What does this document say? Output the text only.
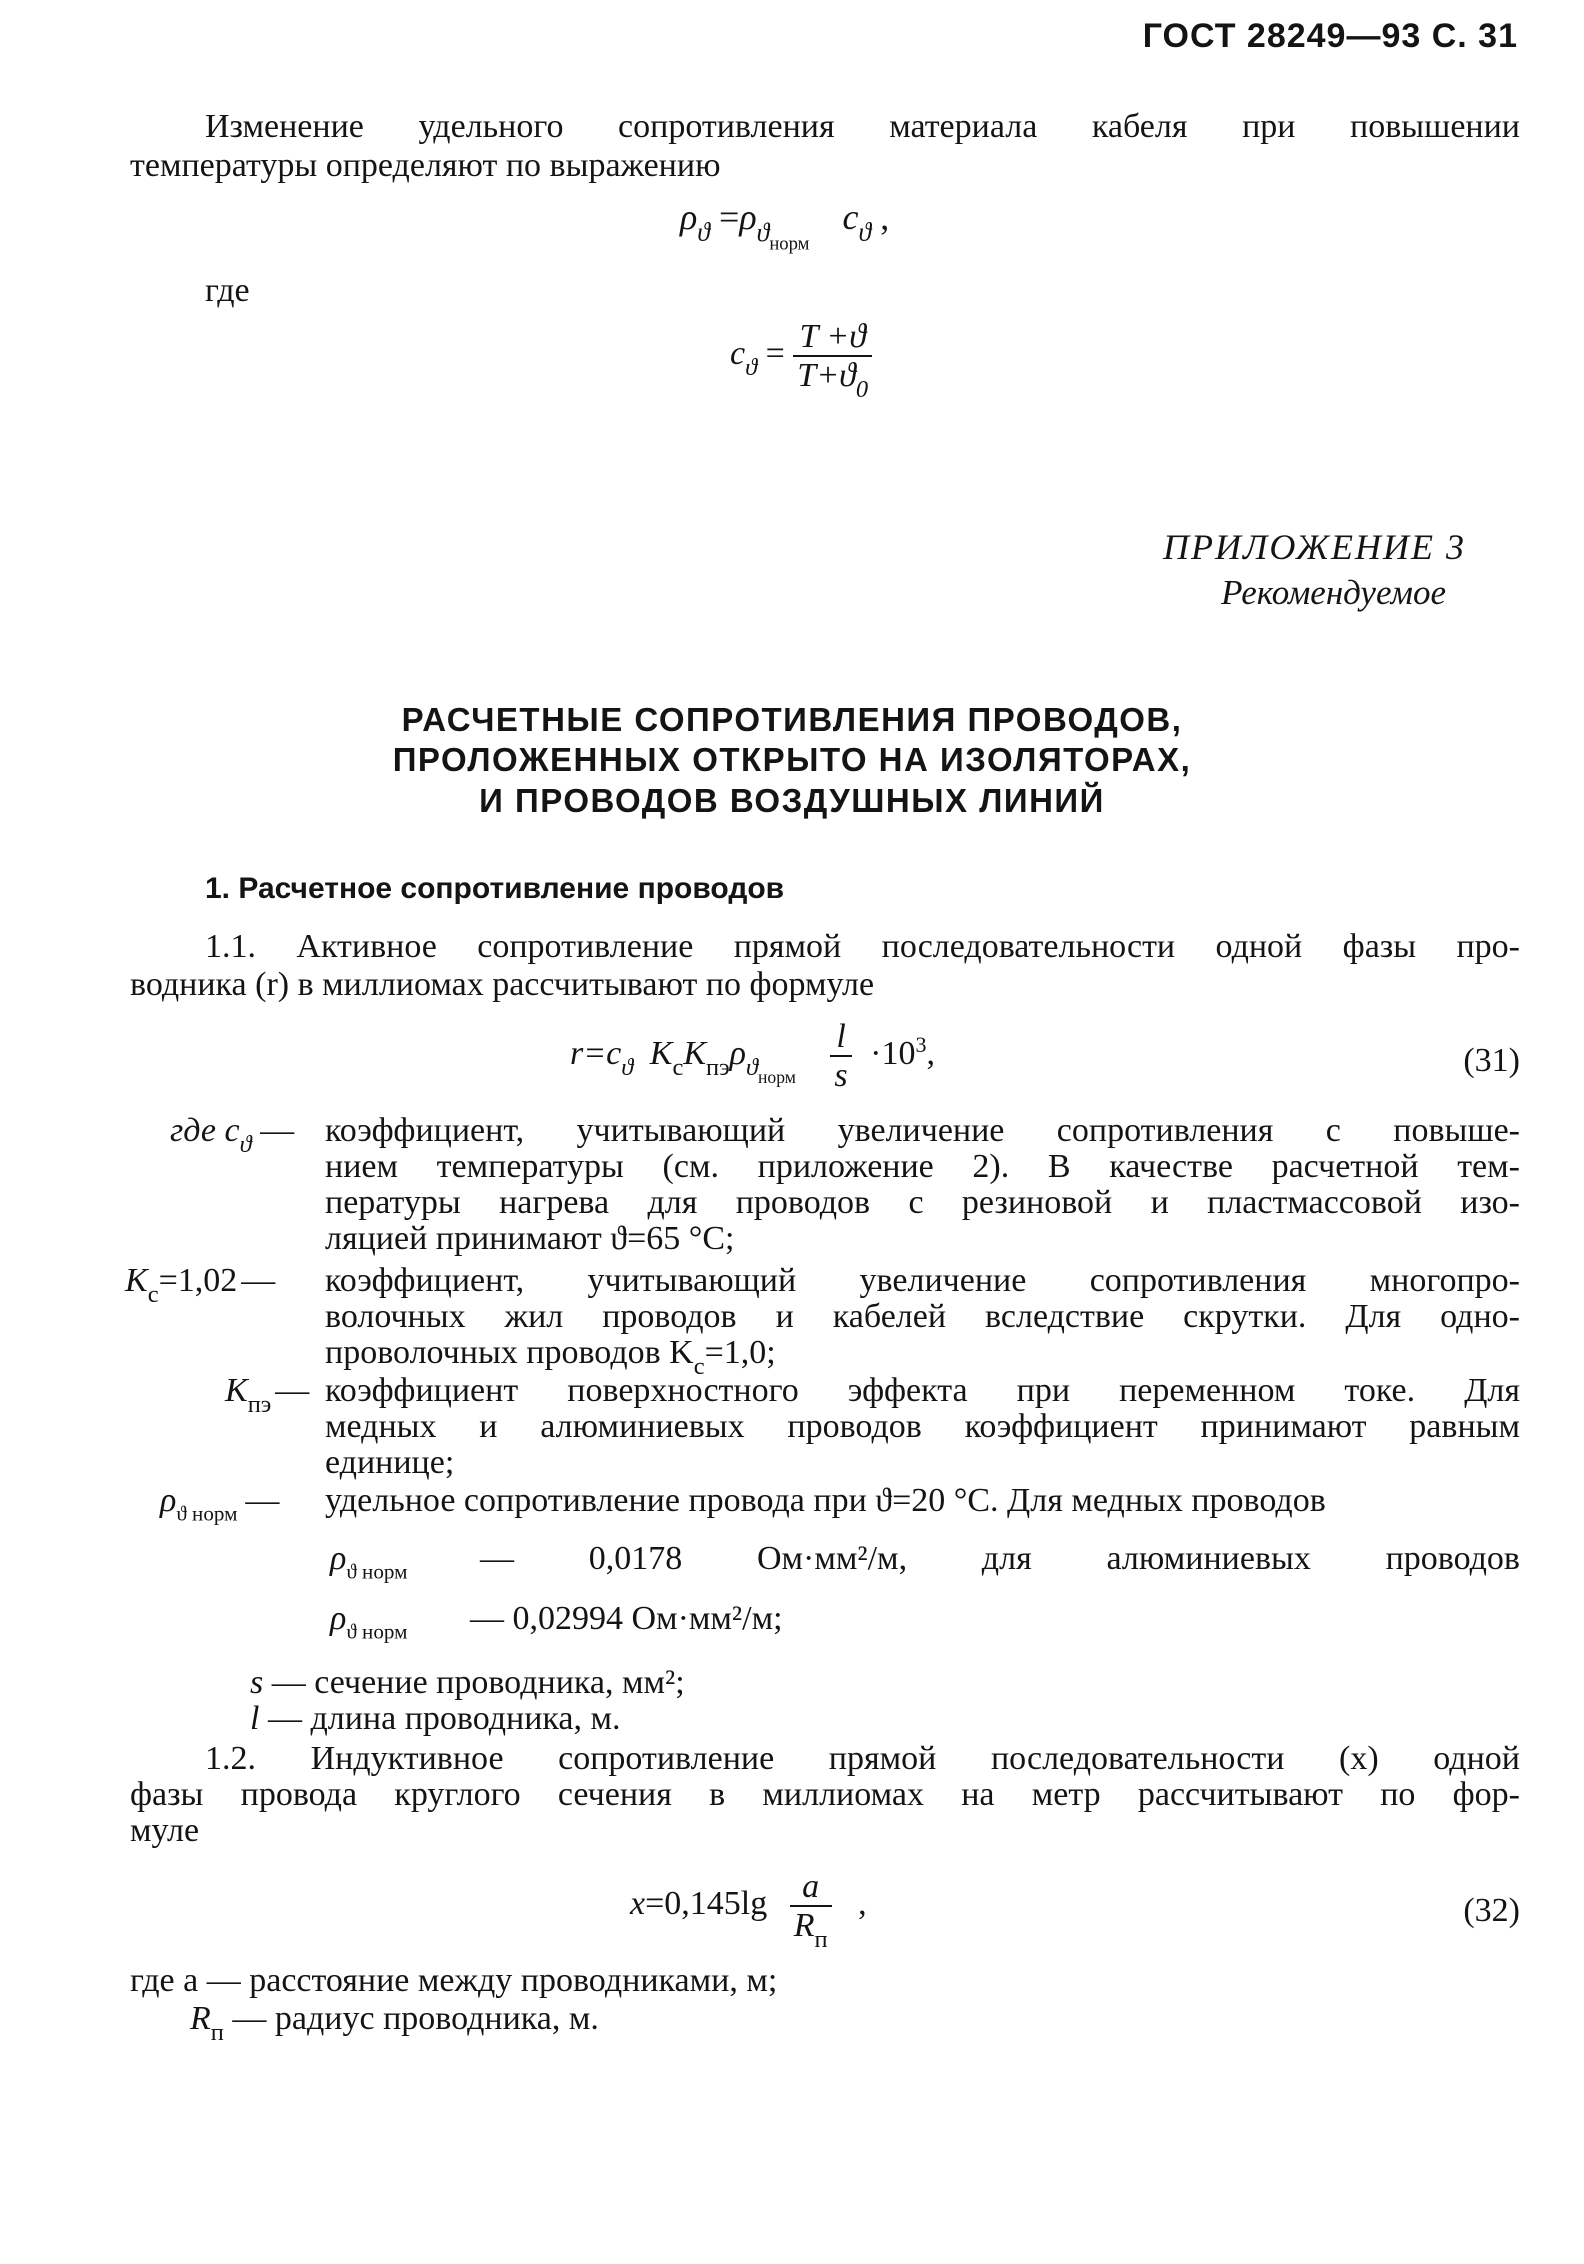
ГОСТ 28249—93 С. 31
Изменение удельного сопротивления материала кабеля при повышении
температуры определяют по выражению
$\rho_ϑ =\rho_{ϑ_{норм}}$ $c_ϑ$ ,
где
$c_ϑ = \frac{T +ϑ}{T+ϑ_0}$
ПРИЛОЖЕНИЕ 3
Рекомендуемое
РАСЧЕТНЫЕ СОПРОТИВЛЕНИЯ ПРОВОДОВ,
ПРОЛОЖЕННЫХ ОТКРЫТО НА ИЗОЛЯТОРАХ,
И ПРОВОДОВ ВОЗДУШНЫХ ЛИНИЙ
1. Расчетное сопротивление проводов
1.1. Активное сопротивление прямой последовательности одной фазы про-
водника (r) в миллиомах рассчитывают по формуле
$r=c_ϑ$ $K_cK_{пэ}\rho_{ϑ_{норм}} \frac{l}{s} \cdot 10^3$,	(31)
где $c_ϑ$ — коэффициент, учитывающий увеличение сопротивления с повыше-
нием температуры (см. приложение 2). В качестве расчетной тем-
пературы нагрева для проводов с резиновой и пластмассовой изо-
ляцией принимают ϑ=65 °С;
$K_c=1,02$ — коэффициент, учитывающий увеличение сопротивления многопро-
волочных жил проводов и кабелей вследствие скрутки. Для одно-
проволочных проводов $K_c=1,0$;
$K_{пэ}$ — коэффициент поверхностного эффекта при переменном токе. Для
медных и алюминиевых проводов коэффициент принимают равным
единице;
$\rho_{ϑ норм}$ — удельное сопротивление провода при ϑ=20 °С. Для медных проводов
$\rho_{ϑ норм}$ — 0,0178 Ом·мм²/м, для алюминиевых проводов
$\rho_{ϑ норм}$ — 0,02994 Ом·мм²/м;
s — сечение проводника, мм²;
l — длина проводника, м.
1.2. Индуктивное сопротивление прямой последовательности (x) одной
фазы провода круглого сечения в миллиомах на метр рассчитывают по фор-
муле
$x=0,145\lg \frac{a}{R_п}$ ,	(32)
где a — расстояние между проводниками, м;
$R_п$ — радиус проводника, м.
